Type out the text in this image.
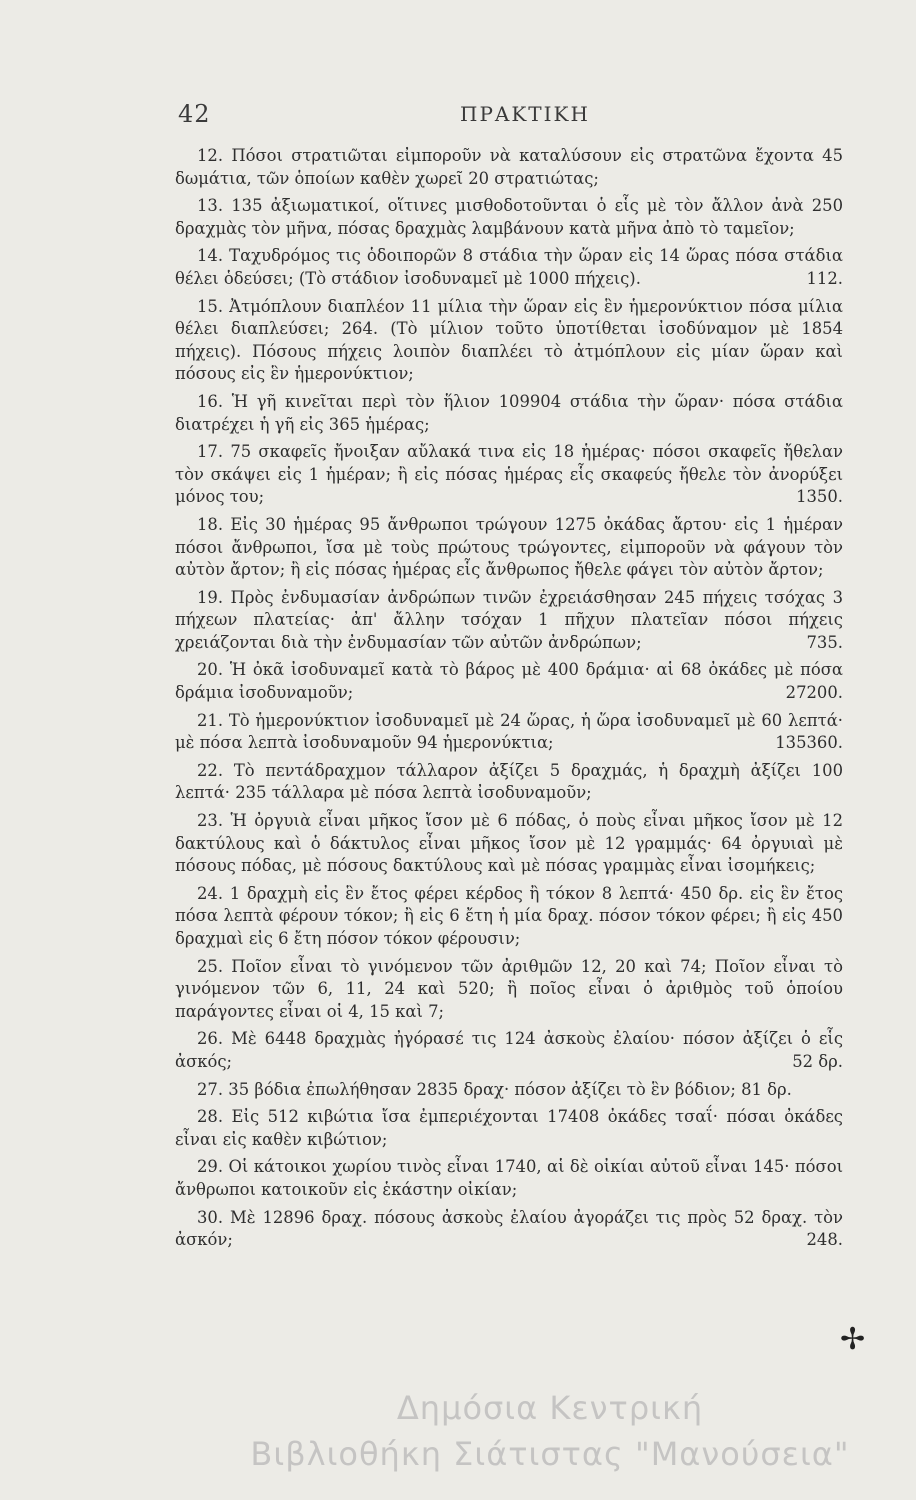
42	ΠΡΑΚΤΙΚΗ

12. Πόσοι στρατιῶται εἰμποροῦν νὰ καταλύσουν εἰς στρατῶνα ἔχοντα 45 δωμάτια, τῶν ὁποίων καθὲν χωρεῖ 20 στρατιώτας;

13. 135 ἀξιωματικοί, οἵτινες μισθοδοτοῦνται ὁ εἷς μὲ τὸν ἄλλον ἀνὰ 250 δραχμὰς τὸν μῆνα, πόσας δραχμὰς λαμβάνουν κατὰ μῆνα ἀπὸ τὸ ταμεῖον;

14. Ταχυδρόμος τις ὁδοιπορῶν 8 στάδια τὴν ὥραν εἰς 14 ὥρας πόσα στάδια θέλει ὁδεύσει; (Τὸ στάδιον ἰσοδυναμεῖ μὲ 1000 πήχεις).	112.

15. Ἀτμόπλουν διαπλέον 11 μίλια τὴν ὥραν εἰς ἓν ἡμερονύκτιον πόσα μίλια θέλει διαπλεύσει; 264. (Τὸ μίλιον τοῦτο ὑποτίθεται ἰσοδύναμον μὲ 1854 πήχεις). Πόσους πήχεις λοιπὸν διαπλέει τὸ ἀτμόπλουν εἰς μίαν ὥραν καὶ πόσους εἰς ἓν ἡμερονύκτιον;

16. Ἡ γῆ κινεῖται περὶ τὸν ἥλιον 109904 στάδια τὴν ὥραν· πόσα στάδια διατρέχει ἡ γῆ εἰς 365 ἡμέρας;

17. 75 σκαφεῖς ἤνοιξαν αὔλακά τινα εἰς 18 ἡμέρας· πόσοι σκαφεῖς ἤθελαν τὸν σκάψει εἰς 1 ἡμέραν; ἢ εἰς πόσας ἡμέρας εἷς σκαφεύς ἤθελε τὸν ἀνορύξει μόνος του;	1350.

18. Εἰς 30 ἡμέρας 95 ἄνθρωποι τρώγουν 1275 ὀκάδας ἄρτου· εἰς 1 ἡμέραν πόσοι ἄνθρωποι, ἴσα μὲ τοὺς πρώτους τρώγοντες, εἰμποροῦν νὰ φάγουν τὸν αὐτὸν ἄρτον; ἢ εἰς πόσας ἡμέρας εἷς ἄνθρωπος ἤθελε φάγει τὸν αὐτὸν ἄρτον;

19. Πρὸς ἐνδυμασίαν ἀνδρώπων τινῶν ἐχρειάσθησαν 245 πήχεις τσόχας 3 πήχεων πλατείας· ἀπ' ἄλλην τσόχαν 1 πῆχυν πλατεῖαν πόσοι πήχεις χρειάζονται διὰ τὴν ἐνδυμασίαν τῶν αὐτῶν ἀνδρώπων;	735.

20. Ἡ ὀκᾶ ἰσοδυναμεῖ κατὰ τὸ βάρος μὲ 400 δράμια· αἱ 68 ὀκάδες μὲ πόσα δράμια ἰσοδυναμοῦν;	27200.

21. Τὸ ἡμερονύκτιον ἰσοδυναμεῖ μὲ 24 ὥρας, ἡ ὥρα ἰσοδυναμεῖ μὲ 60 λεπτά· μὲ πόσα λεπτὰ ἰσοδυναμοῦν 94 ἡμερονύκτια;	135360.

22. Τὸ πεντάδραχμον τάλλαρον ἀξίζει 5 δραχμάς, ἡ δραχμὴ ἀξίζει 100 λεπτά· 235 τάλλαρα μὲ πόσα λεπτὰ ἰσοδυναμοῦν;

23. Ἡ ὀργυιὰ εἶναι μῆκος ἴσον μὲ 6 πόδας, ὁ ποὺς εἶναι μῆκος ἴσον μὲ 12 δακτύλους καὶ ὁ δάκτυλος εἶναι μῆκος ἴσον μὲ 12 γραμμάς· 64 ὀργυιαὶ μὲ πόσους πόδας, μὲ πόσους δακτύλους καὶ μὲ πόσας γραμμὰς εἶναι ἰσομήκεις;

24. 1 δραχμὴ εἰς ἓν ἔτος φέρει κέρδος ἢ τόκον 8 λεπτά· 450 δρ. εἰς ἓν ἔτος πόσα λεπτὰ φέρουν τόκον; ἢ εἰς 6 ἔτη ἡ μία δραχ. πόσον τόκον φέρει; ἢ εἰς 450 δραχμαὶ εἰς 6 ἔτη πόσον τόκον φέρουσιν;

25. Ποῖον εἶναι τὸ γινόμενον τῶν ἀριθμῶν 12, 20 καὶ 74; Ποῖον εἶναι τὸ γινόμενον τῶν 6, 11, 24 καὶ 520; ἢ ποῖος εἶναι ὁ ἀριθμὸς τοῦ ὁποίου παράγοντες εἶναι οἱ 4, 15 καὶ 7;

26. Μὲ 6448 δραχμὰς ἠγόρασέ τις 124 ἀσκοὺς ἐλαίου· πόσον ἀξίζει ὁ εἷς ἀσκός;	52 δρ.

27. 35 βόδια ἐπωλήθησαν 2835 δραχ· πόσον ἀξίζει τὸ ἓν βόδιον; 81 δρ.

28. Εἰς 512 κιβώτια ἴσα ἐμπεριέχονται 17408 ὀκάδες τσαΐ· πόσαι ὀκάδες εἶναι εἰς καθὲν κιβώτιον;

29. Οἱ κάτοικοι χωρίου τινὸς εἶναι 1740, αἱ δὲ οἰκίαι αὐτοῦ εἶναι 145· πόσοι ἄνθρωποι κατοικοῦν εἰς ἑκάστην οἰκίαν;

30. Μὲ 12896 δραχ. πόσους ἀσκοὺς ἐλαίου ἀγοράζει τις πρὸς 52 δραχ. τὸν ἀσκόν;	248.

✢
Δημόσια Κεντρική
Βιβλιοθήκη Σιάτιστας "Μανούσεια"
